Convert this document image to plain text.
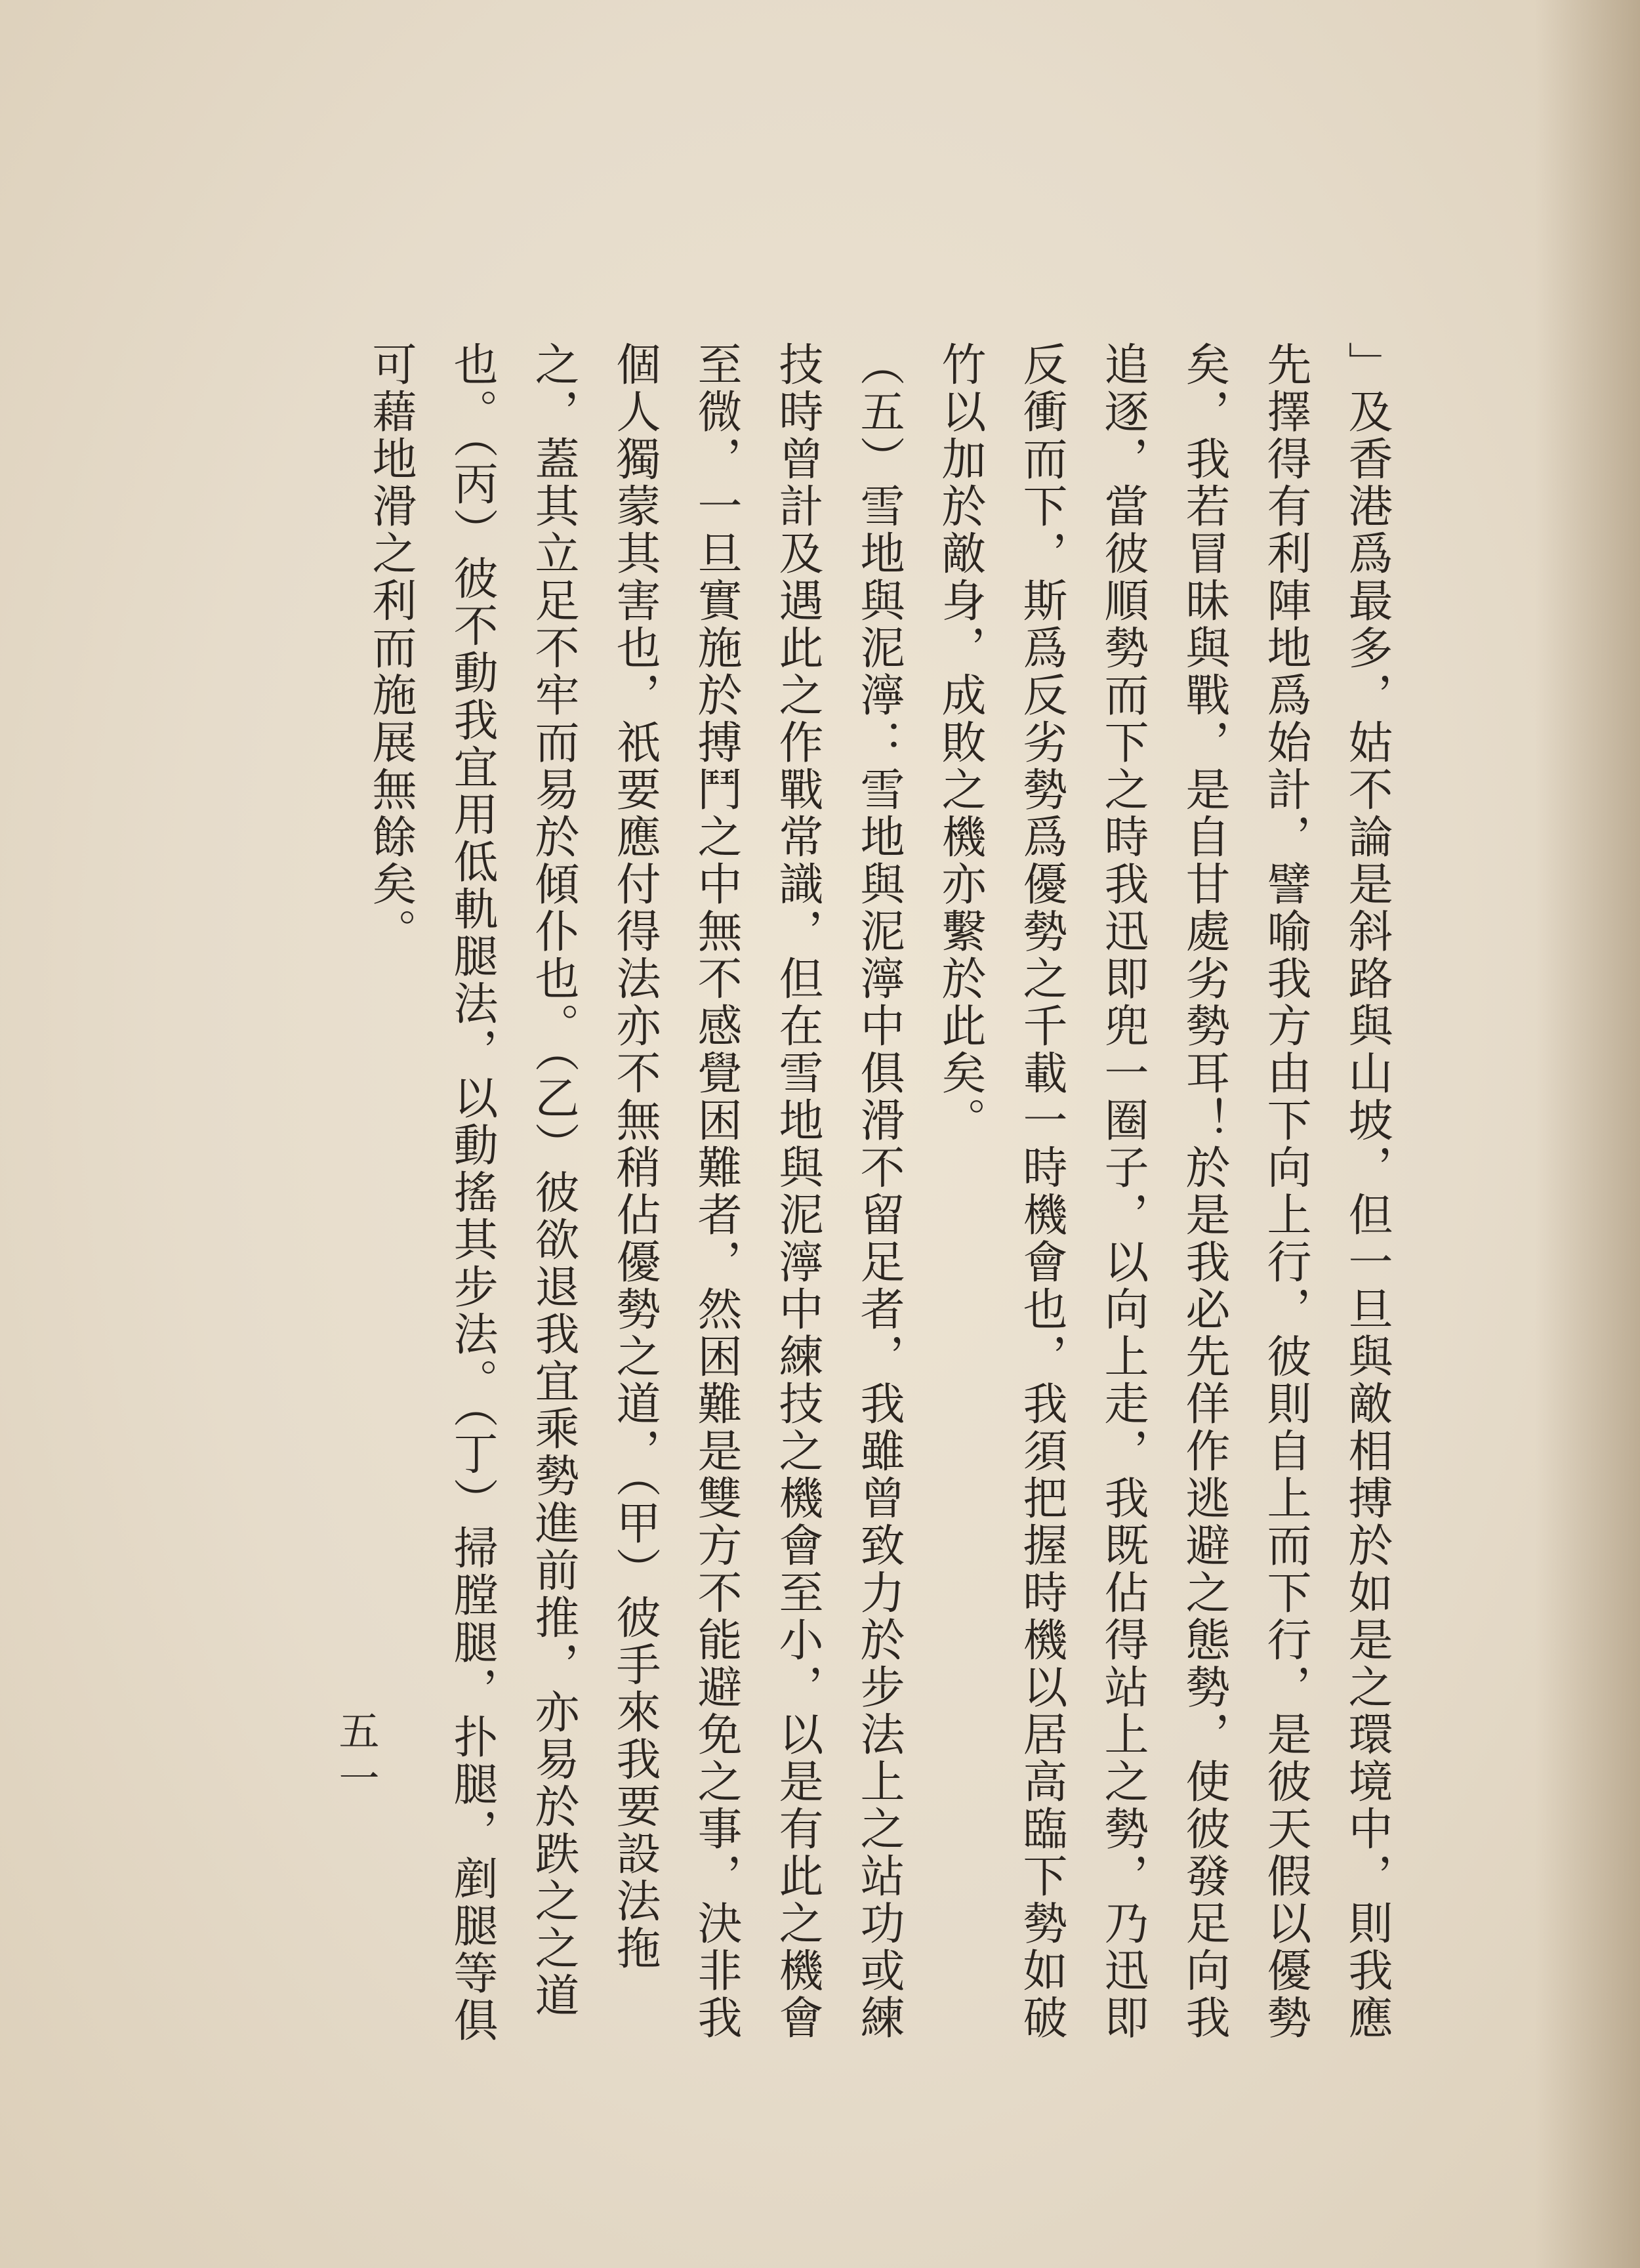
」及香港爲最多，姑不論是斜路與山坡，但一旦與敵相搏於如是之環境中，則我應先擇得有利陣地爲始計，譬喻我方由下向上行，彼則自上而下行，是彼天假以優勢矣，我若冒昧與戰，是自甘處劣勢耳！於是我必先佯作逃避之態勢，使彼發足向我追逐，當彼順勢而下之時我迅即兜一圈子，以向上走，我既佔得站上之勢，乃迅即反衝而下，斯爲反劣勢爲優勢之千載一時機會也，我須把握時機以居高臨下勢如破竹以加於敵身，成敗之機亦繫於此矣。

（五）雪地與泥濘：雪地與泥濘中俱滑不留足者，我雖曾致力於步法上之站功或練技時曾計及遇此之作戰常識，但在雪地與泥濘中練技之機會至小，以是有此之機會至微，一旦實施於搏鬥之中無不感覺困難者，然困難是雙方不能避免之事，決非我個人獨蒙其害也，祇要應付得法亦不無稍佔優勢之道，（甲）彼手來我要設法拖之，蓋其立足不牢而易於傾仆也。（乙）彼欲退我宜乘勢進前推，亦易於跌之之道也。（丙）彼不動我宜用低軌腿法，以動搖其步法。（丁）掃膛腿，扑腿，剷腿等俱可藉地滑之利而施展無餘矣。

五一
